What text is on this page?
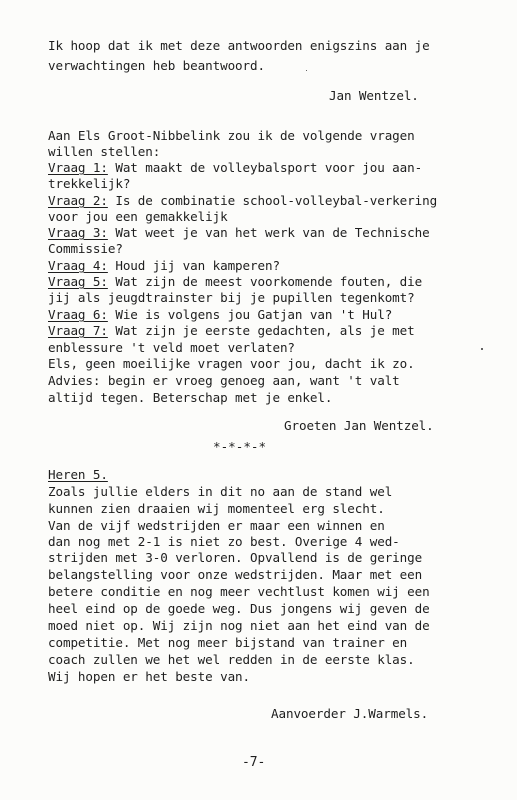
Ik hoop dat ik met deze antwoorden enigszins aan je
verwachtingen heb beantwoord.
Jan Wentzel.
Aan Els Groot-Nibbelink zou ik de volgende vragen
willen stellen:
Vraag 1: Wat maakt de volleybalsport voor jou aan-
trekkelijk?
Vraag 2: Is de combinatie school-volleybal-verkering
voor jou een gemakkelijk
Vraag 3: Wat weet je van het werk van de Technische
Commissie?
Vraag 4: Houd jij van kamperen?
Vraag 5: Wat zijn de meest voorkomende fouten, die
jij als jeugdtrainster bij je pupillen tegenkomt?
Vraag 6: Wie is volgens jou Gatjan van 't Hul?
Vraag 7: Wat zijn je eerste gedachten, als je met
enblessure 't veld moet verlaten?
Els, geen moeilijke vragen voor jou, dacht ik zo.
Advies: begin er vroeg genoeg aan, want 't valt
altijd tegen. Beterschap met je enkel.
Groeten Jan Wentzel.
*-*-*-*
Heren 5.
Zoals jullie elders in dit no aan de stand wel
kunnen zien draaien wij momenteel erg slecht.
Van de vijf wedstrijden er maar een winnen en
dan nog met 2-1 is niet zo best. Overige 4 wed-
strijden met 3-0 verloren. Opvallend is de geringe
belangstelling voor onze wedstrijden. Maar met een
betere conditie en nog meer vechtlust komen wij een
heel eind op de goede weg. Dus jongens wij geven de
moed niet op. Wij zijn nog niet aan het eind van de
competitie. Met nog meer bijstand van trainer en
coach zullen we het wel redden in de eerste klas.
Wij hopen er het beste van.
Aanvoerder J.Warmels.
-7-
